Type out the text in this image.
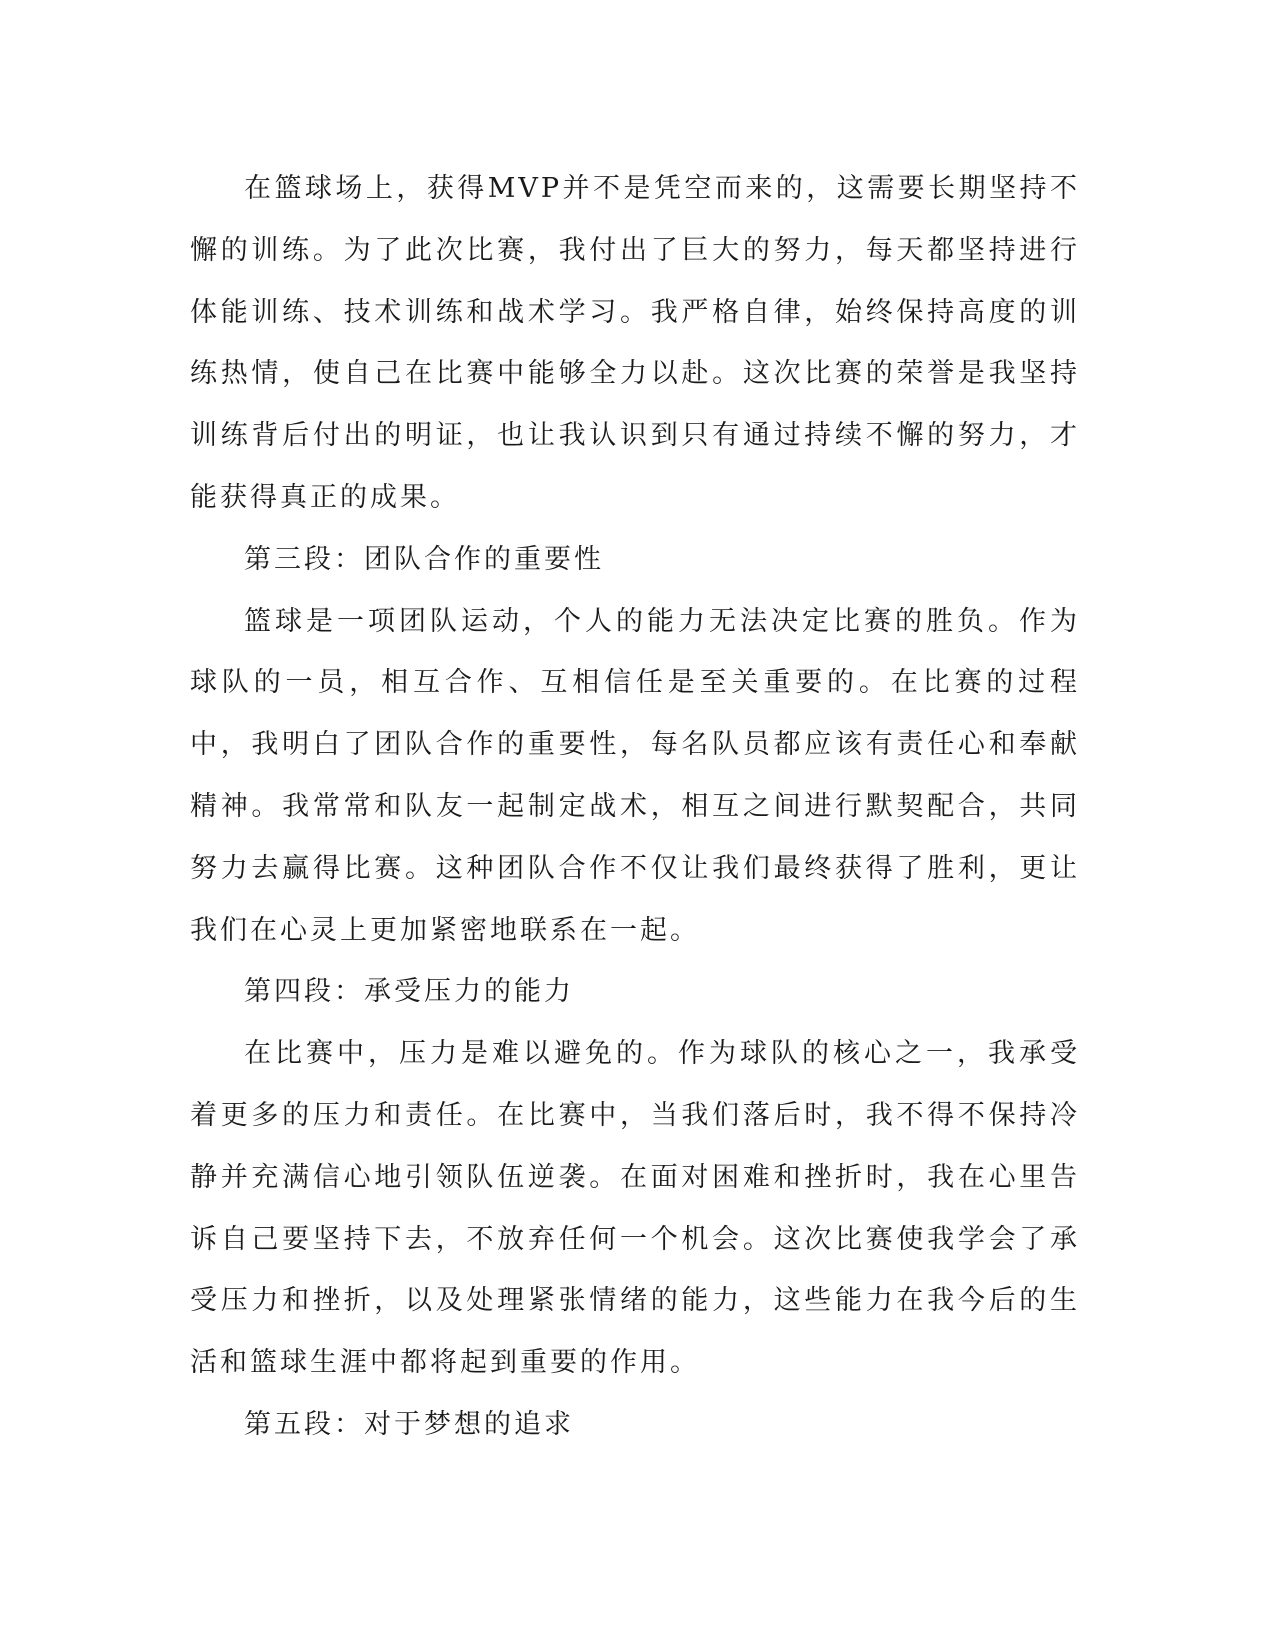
在篮球场上，获得MVP并不是凭空而来的，这需要长期坚持不懈的训练。为了此次比赛，我付出了巨大的努力，每天都坚持进行体能训练、技术训练和战术学习。我严格自律，始终保持高度的训练热情，使自己在比赛中能够全力以赴。这次比赛的荣誉是我坚持训练背后付出的明证，也让我认识到只有通过持续不懈的努力，才能获得真正的成果。

第三段：团队合作的重要性

篮球是一项团队运动，个人的能力无法决定比赛的胜负。作为球队的一员，相互合作、互相信任是至关重要的。在比赛的过程中，我明白了团队合作的重要性，每名队员都应该有责任心和奉献精神。我常常和队友一起制定战术，相互之间进行默契配合，共同努力去赢得比赛。这种团队合作不仅让我们最终获得了胜利，更让我们在心灵上更加紧密地联系在一起。

第四段：承受压力的能力

在比赛中，压力是难以避免的。作为球队的核心之一，我承受着更多的压力和责任。在比赛中，当我们落后时，我不得不保持冷静并充满信心地引领队伍逆袭。在面对困难和挫折时，我在心里告诉自己要坚持下去，不放弃任何一个机会。这次比赛使我学会了承受压力和挫折，以及处理紧张情绪的能力，这些能力在我今后的生活和篮球生涯中都将起到重要的作用。

第五段：对于梦想的追求
